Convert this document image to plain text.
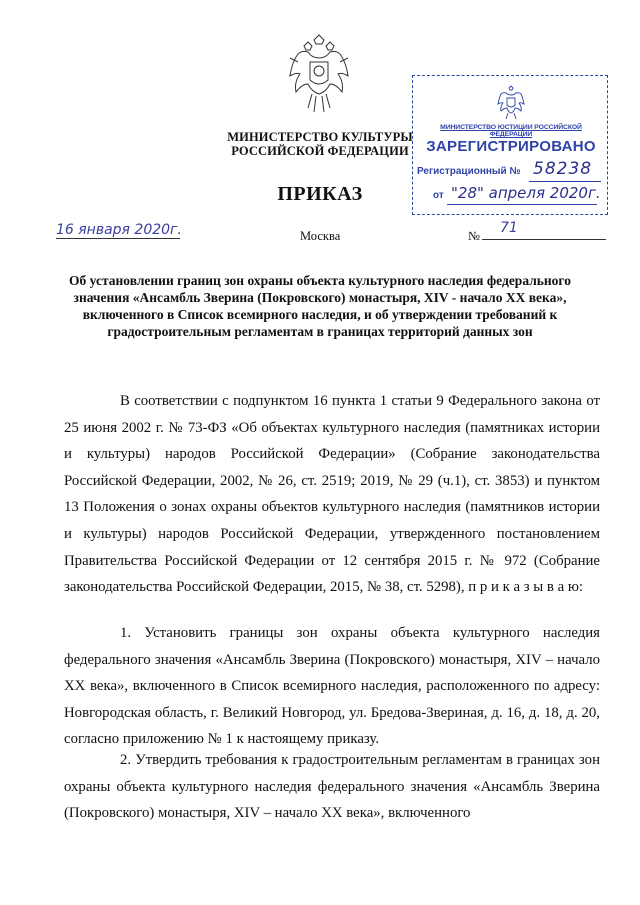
МИНИСТЕРСТВО КУЛЬТУРЫ РОССИЙСКОЙ ФЕДЕРАЦИИ
ПРИКАЗ
МИНИСТЕРСТВО ЮСТИЦИИ РОССИЙСКОЙ ФЕДЕРАЦИИ
ЗАРЕГИСТРИРОВАНО
Регистрационный № 58238
от "28" апреля 2020г.
16 января 2020г.	Москва	№ 71
Об установлении границ зон охраны объекта культурного наследия федерального значения «Ансамбль Зверина (Покровского) монастыря, XIV - начало XX века», включенного в Список всемирного наследия, и об утверждении требований к градостроительным регламентам в границах территорий данных зон
В соответствии с подпунктом 16 пункта 1 статьи 9 Федерального закона от 25 июня 2002 г. № 73-ФЗ «Об объектах культурного наследия (памятниках истории и культуры) народов Российской Федерации» (Собрание законодательства Российской Федерации, 2002, № 26, ст. 2519; 2019, № 29 (ч.1), ст. 3853) и пунктом 13 Положения о зонах охраны объектов культурного наследия (памятников истории и культуры) народов Российской Федерации, утвержденного постановлением Правительства Российской Федерации от 12 сентября 2015 г. № 972 (Собрание законодательства Российской Федерации, 2015, № 38, ст. 5298), п р и к а з ы в а ю:
1. Установить границы зон охраны объекта культурного наследия федерального значения «Ансамбль Зверина (Покровского) монастыря, XIV – начало XX века», включенного в Список всемирного наследия, расположенного по адресу: Новгородская область, г. Великий Новгород, ул. Бредова-Звериная, д. 16, д. 18, д. 20, согласно приложению № 1 к настоящему приказу.
2. Утвердить требования к градостроительным регламентам в границах зон охраны объекта культурного наследия федерального значения «Ансамбль Зверина (Покровского) монастыря, XIV – начало XX века», включенного
